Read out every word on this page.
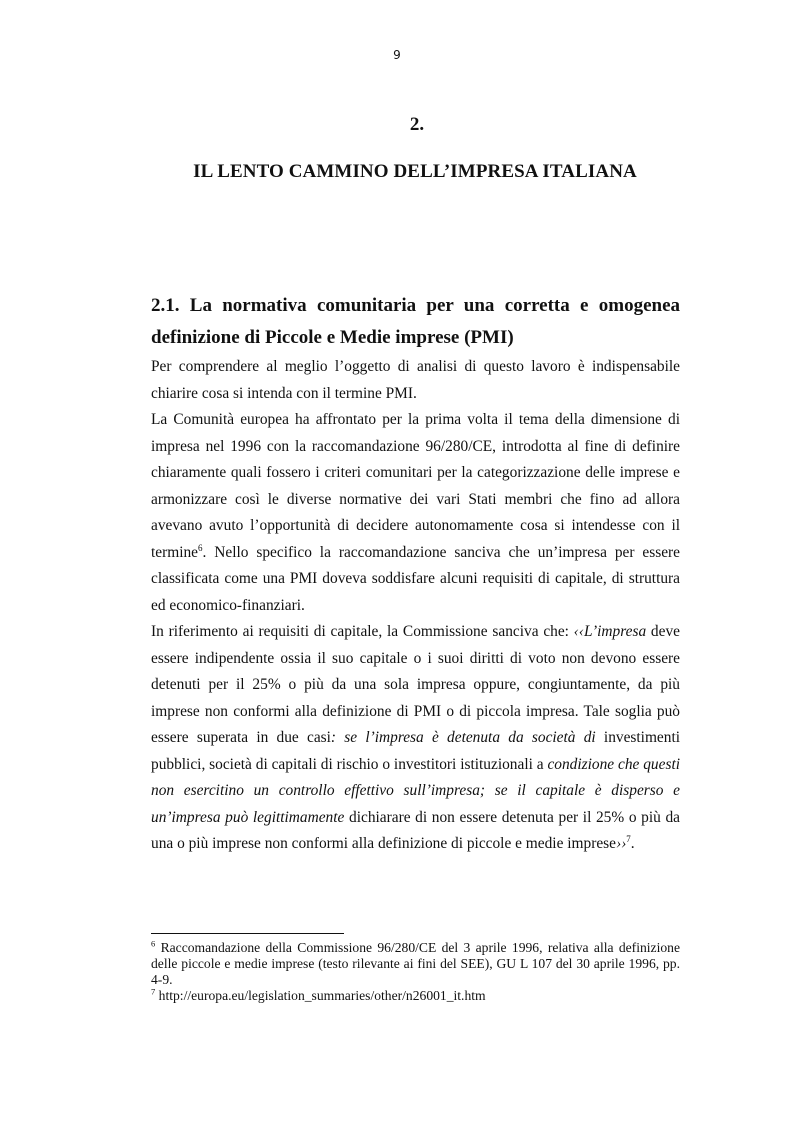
9
2.
IL LENTO CAMMINO DELL’IMPRESA ITALIANA
2.1. La normativa comunitaria per una corretta e omogenea definizione di Piccole e Medie imprese (PMI)

Per comprendere al meglio l’oggetto di analisi di questo lavoro è indispensabile chiarire cosa si intenda con il termine PMI.

La Comunità europea ha affrontato per la prima volta il tema della dimensione di impresa nel 1996 con la raccomandazione 96/280/CE, introdotta al fine di definire chiaramente quali fossero i criteri comunitari per la categorizzazione delle imprese e armonizzare così le diverse normative dei vari Stati membri che fino ad allora avevano avuto l’opportunità di decidere autonomamente cosa si intendesse con il termine$^6$. Nello specifico la raccomandazione sanciva che un’impresa per essere classificata come una PMI doveva soddisfare alcuni requisiti di capitale, di struttura ed economico-finanziari.

In riferimento ai requisiti di capitale, la Commissione sanciva che: ‹‹L’impresa deve essere indipendente ossia il suo capitale o i suoi diritti di voto non devono essere detenuti per il 25% o più da una sola impresa oppure, congiuntamente, da più imprese non conformi alla definizione di PMI o di piccola impresa. Tale soglia può essere superata in due casi: se l’impresa è detenuta da società di investimenti pubblici, società di capitali di rischio o investitori istituzionali a condizione che questi non esercitino un controllo effettivo sull’impresa; se il capitale è disperso e un’impresa può legittimamente dichiarare di non essere detenuta per il 25% o più da una o più imprese non conformi alla definizione di piccole e medie imprese››$^7$.

$^6$ Raccomandazione della Commissione 96/280/CE del 3 aprile 1996, relativa alla definizione delle piccole e medie imprese (testo rilevante ai fini del SEE), GU L 107 del 30 aprile 1996, pp. 4-9.

$^7$ http://europa.eu/legislation_summaries/other/n26001_it.htm
